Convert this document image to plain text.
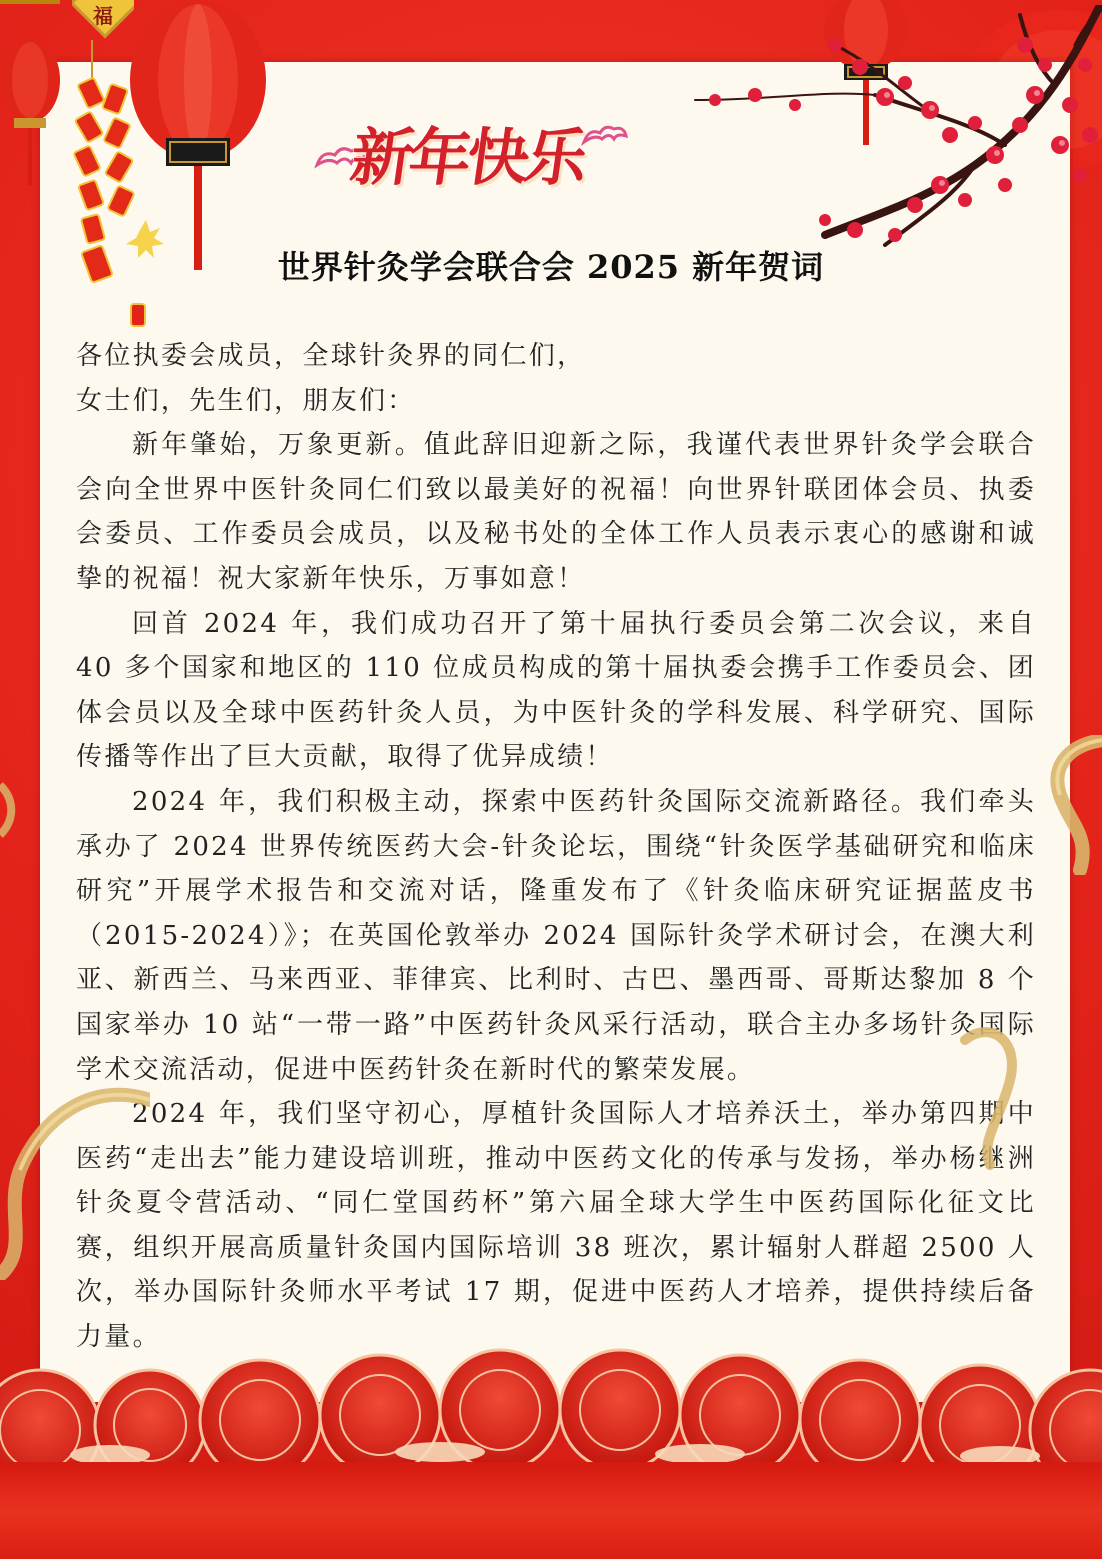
福
新年快乐
世界针灸学会联合会 2025 新年贺词

各位执委会成员，全球针灸界的同仁们，

女士们，先生们，朋友们：

新年肇始，万象更新。值此辞旧迎新之际，我谨代表世界针灸学会联合会向全世界中医针灸同仁们致以最美好的祝福！向世界针联团体会员、执委会委员、工作委员会成员，以及秘书处的全体工作人员表示衷心的感谢和诚挚的祝福！祝大家新年快乐，万事如意！

回首 2024 年，我们成功召开了第十届执行委员会第二次会议，来自 40 多个国家和地区的 110 位成员构成的第十届执委会携手工作委员会、团体会员以及全球中医药针灸人员，为中医针灸的学科发展、科学研究、国际传播等作出了巨大贡献，取得了优异成绩！

2024 年，我们积极主动，探索中医药针灸国际交流新路径。我们牵头承办了 2024 世界传统医药大会-针灸论坛，围绕“针灸医学基础研究和临床研究”开展学术报告和交流对话，隆重发布了《针灸临床研究证据蓝皮书（2015-2024）》；在英国伦敦举办 2024 国际针灸学术研讨会，在澳大利亚、新西兰、马来西亚、菲律宾、比利时、古巴、墨西哥、哥斯达黎加 8 个国家举办 10 站“一带一路”中医药针灸风采行活动，联合主办多场针灸国际学术交流活动，促进中医药针灸在新时代的繁荣发展。

2024 年，我们坚守初心，厚植针灸国际人才培养沃土，举办第四期中医药“走出去”能力建设培训班，推动中医药文化的传承与发扬，举办杨继洲针灸夏令营活动、“同仁堂国药杯”第六届全球大学生中医药国际化征文比赛，组织开展高质量针灸国内国际培训 38 班次，累计辐射人群超 2500 人次，举办国际针灸师水平考试 17 期，促进中医药人才培养，提供持续后备力量。
